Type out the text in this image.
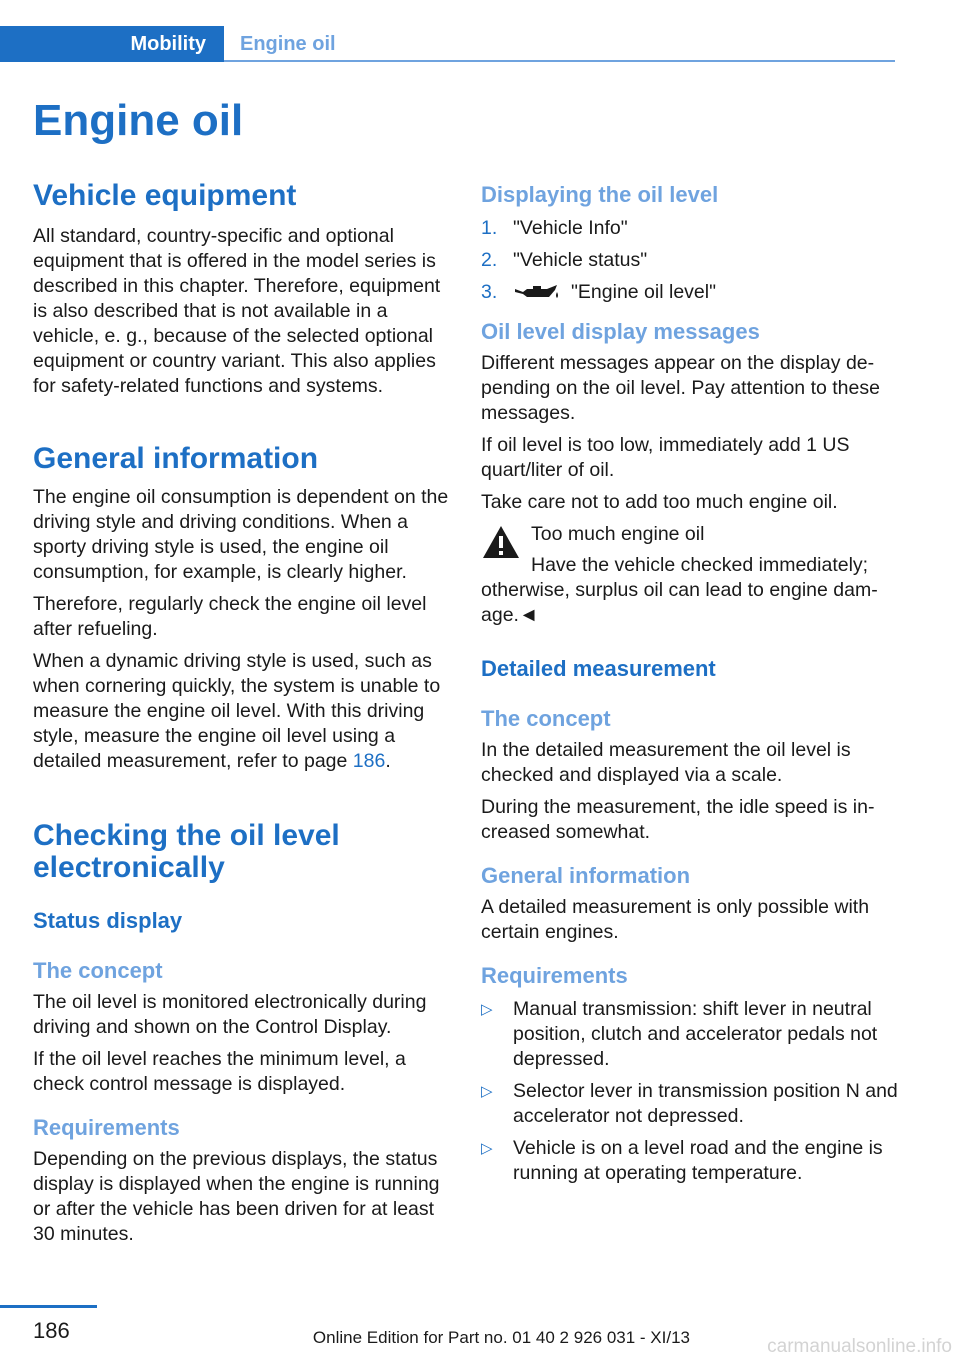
Mobility	Engine oil
Engine oil
Vehicle equipment

All standard, country-specific and optional equipment that is offered in the model series is described in this chapter. Therefore, equipment is also described that is not available in a vehicle, e. g., because of the selected optional equipment or country variant. This also applies for safety-related functions and systems.

General information

The engine oil consumption is dependent on the driving style and driving conditions. When a sporty driving style is used, the engine oil consumption, for example, is clearly higher.

Therefore, regularly check the engine oil level after refueling.

When a dynamic driving style is used, such as when cornering quickly, the system is unable to measure the engine oil level. With this driving style, measure the engine oil level using a detailed measurement, refer to page 186.

Checking the oil level electronically
Status display
The concept

The oil level is monitored electronically during driving and shown on the Control Display.

If the oil level reaches the minimum level, a check control message is displayed.

Requirements

Depending on the previous displays, the status display is displayed when the engine is running or after the vehicle has been driven for at least 30 minutes.

Displaying the oil level
1. "Vehicle Info"
2. "Vehicle status"
3.	"Engine oil level"
Oil level display messages

Different messages appear on the display depending on the oil level. Pay attention to these messages.

If oil level is too low, immediately add 1 US quart/liter of oil.

Take care not to add too much engine oil.

Too much engine oil

Have the vehicle checked immediately;

otherwise, surplus oil can lead to engine damage.◄

Detailed measurement
The concept

In the detailed measurement the oil level is checked and displayed via a scale.

During the measurement, the idle speed is increased somewhat.

General information

A detailed measurement is only possible with certain engines.

Requirements
▷	Manual transmission: shift lever in neutral position, clutch and accelerator pedals not depressed.
▷	Selector lever in transmission position N and accelerator not depressed.
▷	Vehicle is on a level road and the engine is running at operating temperature.
186	Online Edition for Part no. 01 40 2 926 031 - XI/13	carmanualsonline.info
